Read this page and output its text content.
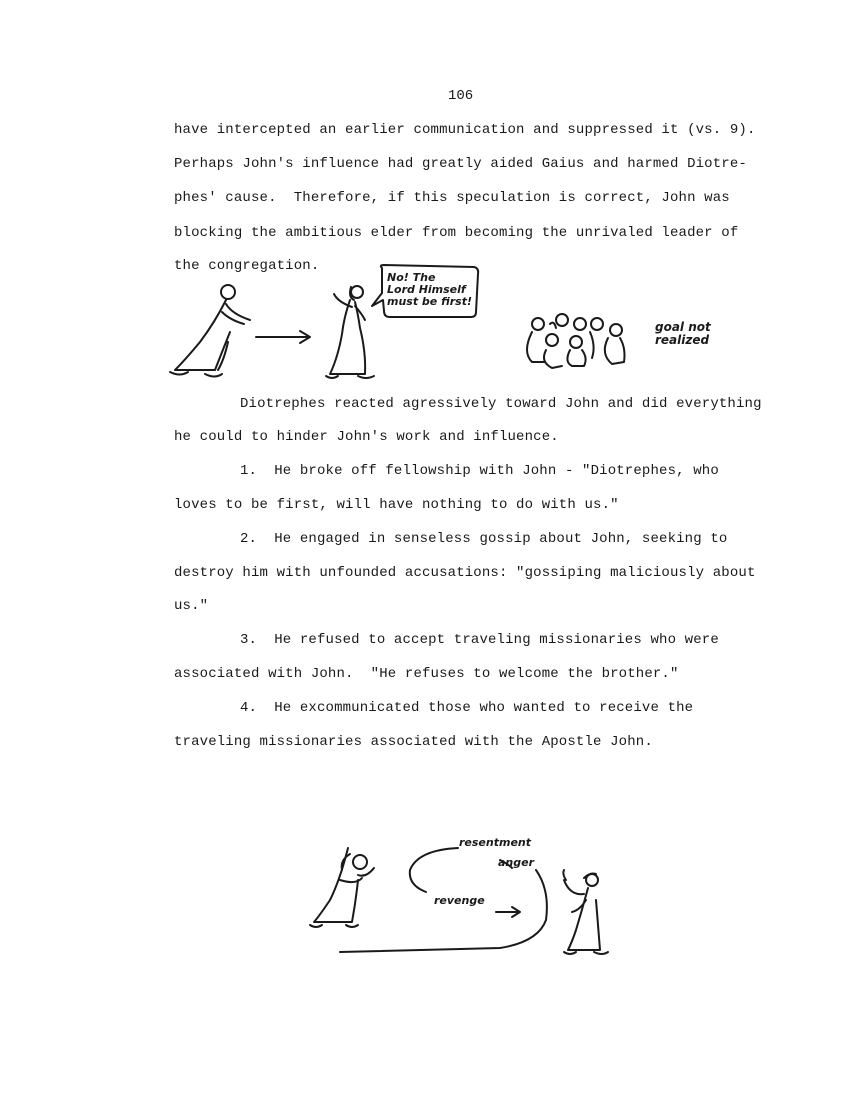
106
have intercepted an earlier communication and suppressed it (vs. 9).
Perhaps John's influence had greatly aided Gaius and harmed Diotre-
phes' cause.  Therefore, if this speculation is correct, John was
blocking the ambitious elder from becoming the unrivaled leader of
the congregation.
No! The
Lord Himself
must be first!
goal not
realized
Diotrephes reacted agressively toward John and did everything
he could to hinder John's work and influence.
1.  He broke off fellowship with John - "Diotrephes, who
loves to be first, will have nothing to do with us."
2.  He engaged in senseless gossip about John, seeking to
destroy him with unfounded accusations: "gossiping maliciously about
us."
3.  He refused to accept traveling missionaries who were
associated with John.  "He refuses to welcome the brother."
4.  He excommunicated those who wanted to receive the
traveling missionaries associated with the Apostle John.
resentment
anger
revenge
